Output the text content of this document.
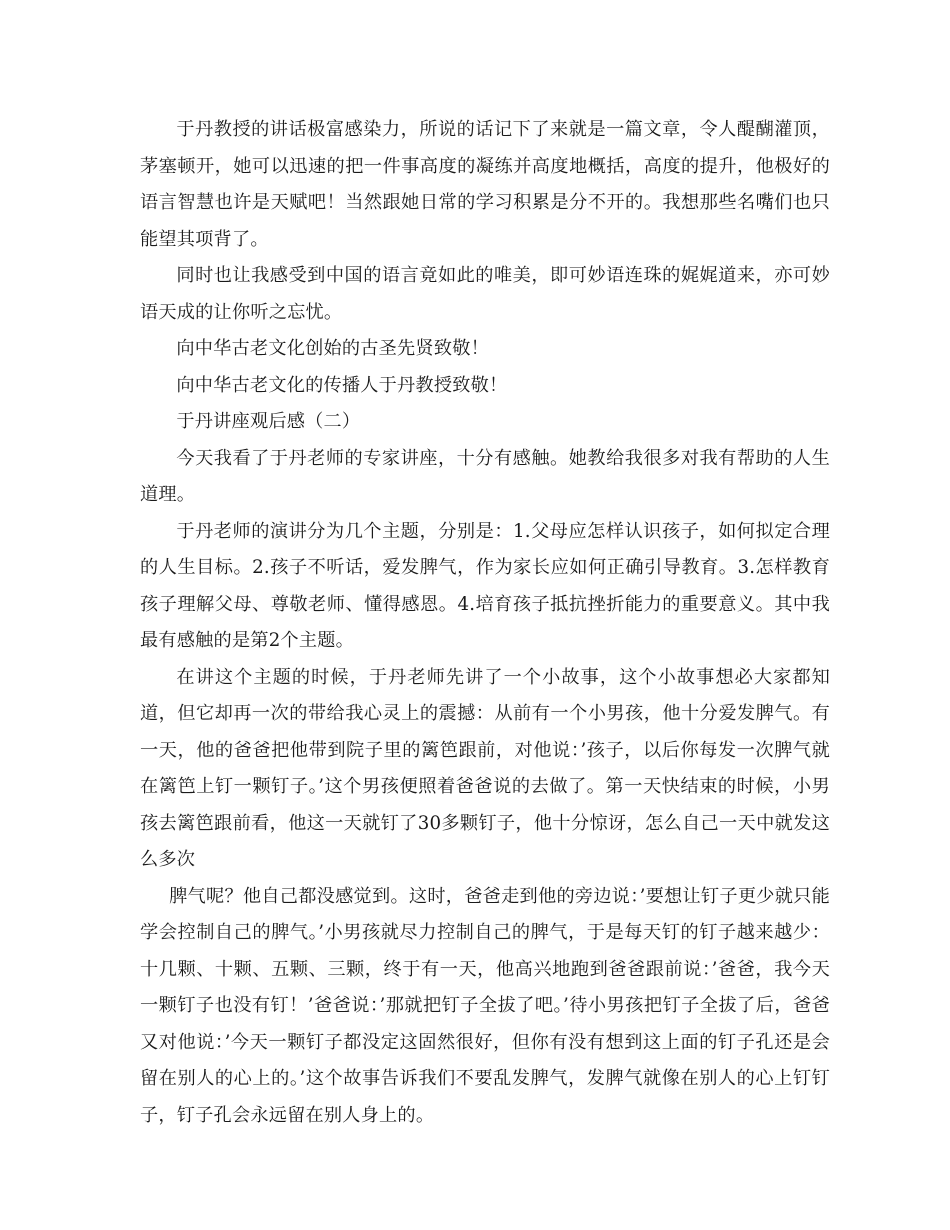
于丹教授的讲话极富感染力，所说的话记下了来就是一篇文章，令人醍醐灌顶，茅塞顿开，她可以迅速的把一件事高度的凝练并高度地概括，高度的提升，他极好的语言智慧也许是天赋吧！当然跟她日常的学习积累是分不开的。我想那些名嘴们也只能望其项背了。

同时也让我感受到中国的语言竟如此的唯美，即可妙语连珠的娓娓道来，亦可妙语天成的让你听之忘忧。

向中华古老文化创始的古圣先贤致敬！

向中华古老文化的传播人于丹教授致敬！

于丹讲座观后感（二）

今天我看了于丹老师的专家讲座，十分有感触。她教给我很多对我有帮助的人生道理。

于丹老师的演讲分为几个主题，分别是：1.父母应怎样认识孩子，如何拟定合理的人生目标。2.孩子不听话，爱发脾气，作为家长应如何正确引导教育。3.怎样教育孩子理解父母、尊敬老师、懂得感恩。4.培育孩子抵抗挫折能力的重要意义。其中我最有感触的是第2个主题。

在讲这个主题的时候，于丹老师先讲了一个小故事，这个小故事想必大家都知道，但它却再一次的带给我心灵上的震撼：从前有一个小男孩，他十分爱发脾气。有一天，他的爸爸把他带到院子里的篱笆跟前，对他说：’孩子，以后你每发一次脾气就在篱笆上钉一颗钉子。’这个男孩便照着爸爸说的去做了。第一天快结束的时候，小男孩去篱笆跟前看，他这一天就钉了30多颗钉子，他十分惊讶，怎么自己一天中就发这么多次

脾气呢？他自己都没感觉到。这时，爸爸走到他的旁边说：’要想让钉子更少就只能学会控制自己的脾气。’小男孩就尽力控制自己的脾气，于是每天钉的钉子越来越少：十几颗、十颗、五颗、三颗，终于有一天，他高兴地跑到爸爸跟前说：’爸爸，我今天一颗钉子也没有钉！’爸爸说：’那就把钉子全拔了吧。’待小男孩把钉子全拔了后，爸爸又对他说：’今天一颗钉子都没定这固然很好，但你有没有想到这上面的钉子孔还是会留在别人的心上的。’这个故事告诉我们不要乱发脾气，发脾气就像在别人的心上钉钉子，钉子孔会永远留在别人身上的。
